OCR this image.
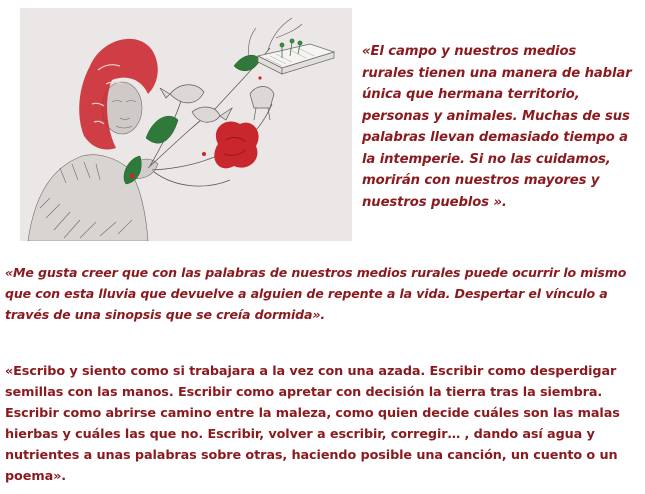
«El campo y nuestros medios rurales tienen una manera de hablar única que hermana territorio, personas y animales. Muchas de sus palabras llevan demasiado tiempo a la intemperie. Si no las cuidamos, morirán con nuestros mayores y nuestros pueblos ».

«Me gusta creer que con las palabras de nuestros medios rurales puede ocurrir lo mismo que con esta lluvia que devuelve a alguien de repente a la vida. Despertar el vínculo a través de una sinopsis que se creía dormida».

«Escribo y siento como si trabajara a la vez con una azada. Escribir como desperdigar semillas con las manos. Escribir como apretar con decisión la tierra tras la siembra. Escribir como abrirse camino entre la maleza, como quien decide cuáles son las malas hierbas y cuáles las que no. Escribir, volver a escribir, corregir… , dando así agua y nutrientes a unas palabras sobre otras, haciendo posible una canción, un cuento o un poema».
